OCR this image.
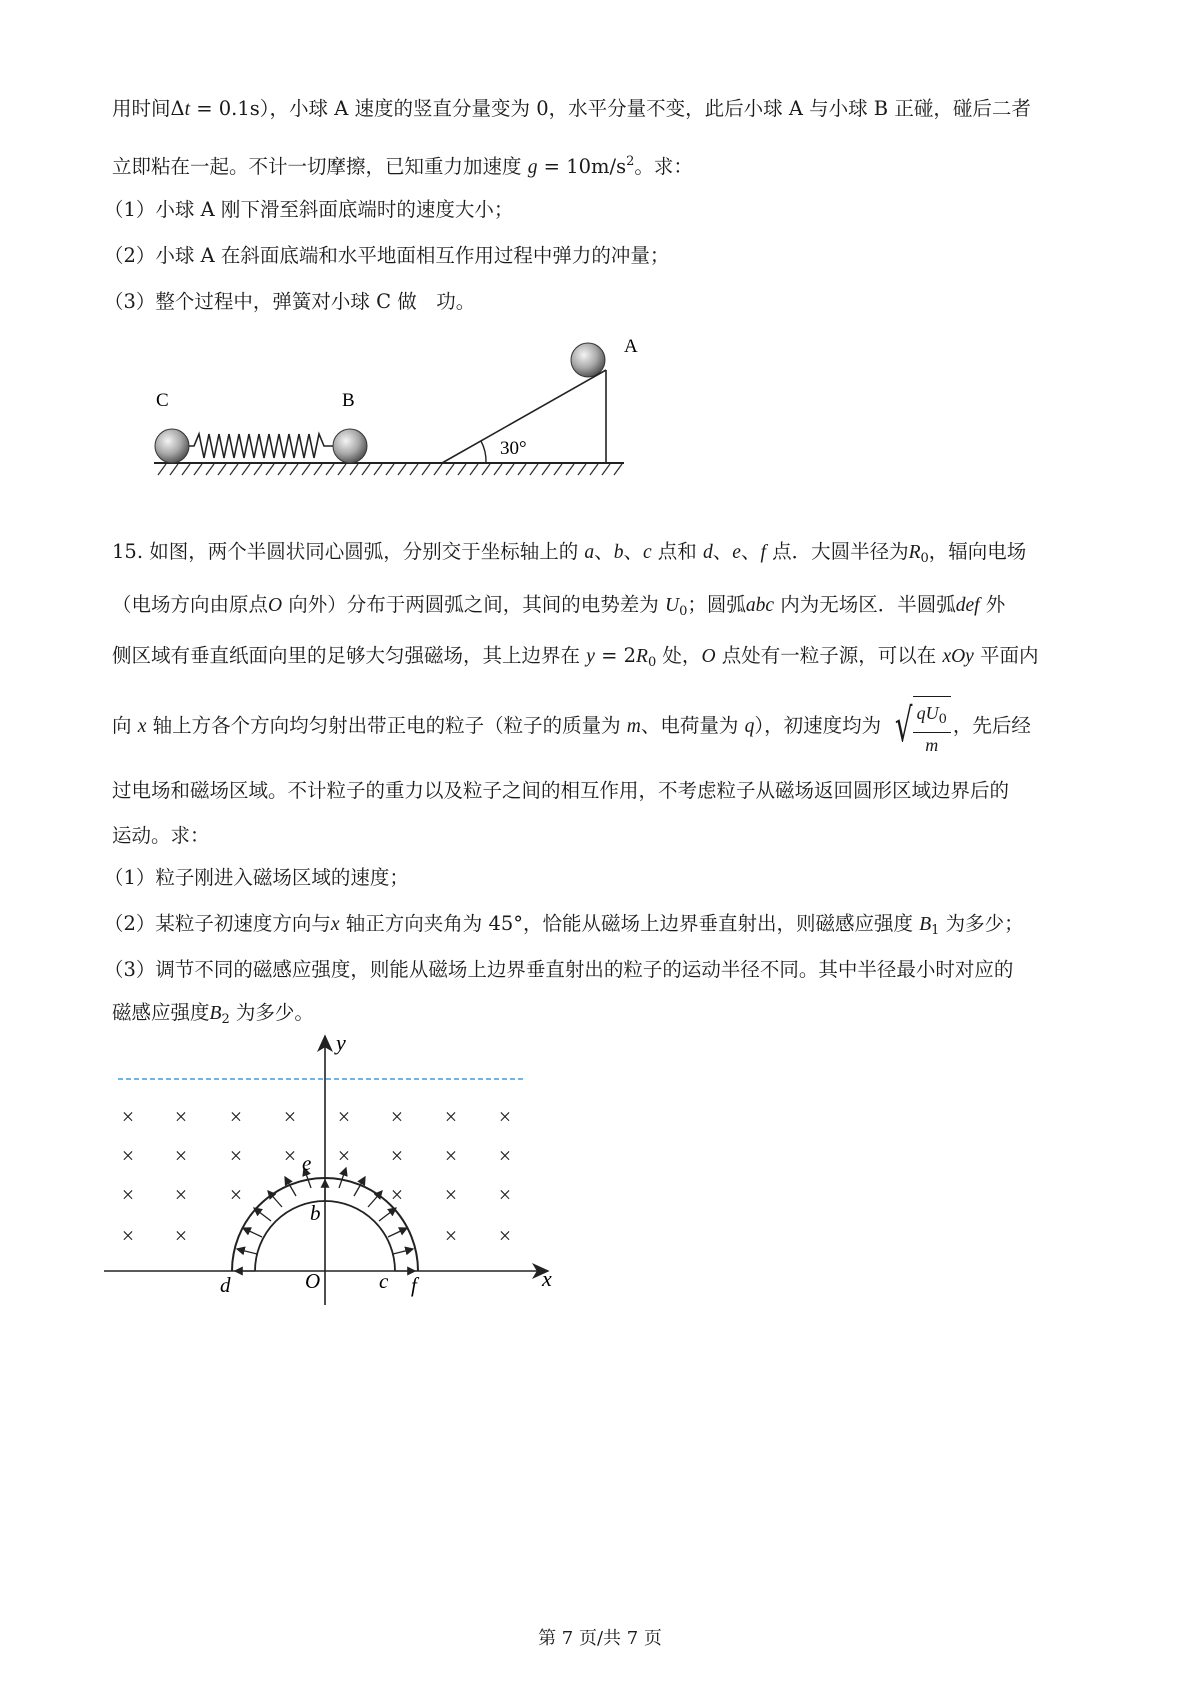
用时间Δt = 0.1s），小球 A 速度的竖直分量变为 0，水平分量不变，此后小球 A 与小球 B 正碰，碰后二者
立即粘在一起。不计一切摩擦，已知重力加速度 $g = 10m/s^2$。求：
（1）小球 A 刚下滑至斜面底端时的速度大小；
（2）小球 A 在斜面底端和水平地面相互作用过程中弹力的冲量；
（3）整个过程中，弹簧对小球 C 做　功。
30°
C	B
A
15. 如图，两个半圆状同心圆弧，分别交于坐标轴上的 a、b、c 点和 d、e、f 点．大圆半径为$R_0$，辐向电场
（电场方向由原点O 向外）分布于两圆弧之间，其间的电势差为 $U_0$；圆弧abc 内为无场区．半圆弧def 外
侧区域有垂直纸面向里的足够大匀强磁场，其上边界在 $y = 2R_0$ 处，O 点处有一粒子源，可以在 xOy 平面内
向 x 轴上方各个方向均匀射出带正电的粒子（粒子的质量为 m、电荷量为 q），初速度均为 √ $\frac{qU_0}{m}$ ，先后经
过电场和磁场区域。不计粒子的重力以及粒子之间的相互作用，不考虑粒子从磁场返回圆形区域边界后的
运动。求：
（1）粒子刚进入磁场区域的速度；
（2）某粒子初速度方向与x 轴正方向夹角为 45°，恰能从磁场上边界垂直射出，则磁感应强度 $B_1$ 为多少；
（3）调节不同的磁感应强度，则能从磁场上边界垂直射出的粒子的运动半径不同。其中半径最小时对应的
磁感应强度$B_2$ 为多少。
y
x
× × × × × × × ×
× × × × × × × ×
× × ×	× × ×
× ×	× ×
e
b
d	O	c f
第 7 页/共 7 页
